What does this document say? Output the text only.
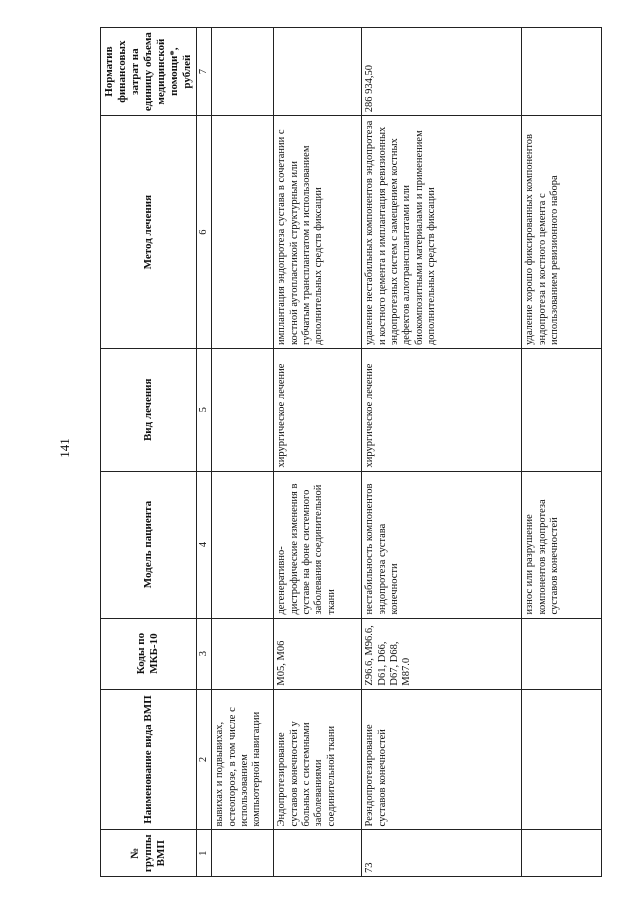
141
№ группы ВМП	Наименование вида ВМП	Коды по МКБ-10	Модель пациента	Вид лечения	Метод лечения	Норматив финансовых затрат на единицу объема медицинской помощи*, рублей
1	2	3	4	5	6	7
	вывихах и подвывихах, остеопорозе, в том числе с использованием компьютерной навигации					
	Эндопротезирование суставов конечностей у больных с системными заболеваниями соединительной ткани	M05, M06	дегенеративно-дистрофические изменения в суставе на фоне системного заболевания соединительной ткани	хирургическое лечение	имплантация эндопротеза сустава в сочетании с костной аутопластикой структурным или губчатым трансплантатом и использованием дополнительных средств фиксации	
73	Реэндопротезирование суставов конечностей	Z96.6, M96.6, D61, D66, D67, D68, M87.0	нестабильность компонентов эндопротеза сустава конечности	хирургическое лечение	удаление нестабильных компонентов эндопротеза и костного цемента и имплантация ревизионных эндопротезных систем с замещением костных дефектов аллотрансплантатами или биокомпозитными материалами и применением дополнительных средств фиксации	286 934,50
			износ или разрушение компонентов эндопротеза суставов конечностей		удаление хорошо фиксированных компонентов эндопротеза и костного цемента с использованием ревизионного набора	
